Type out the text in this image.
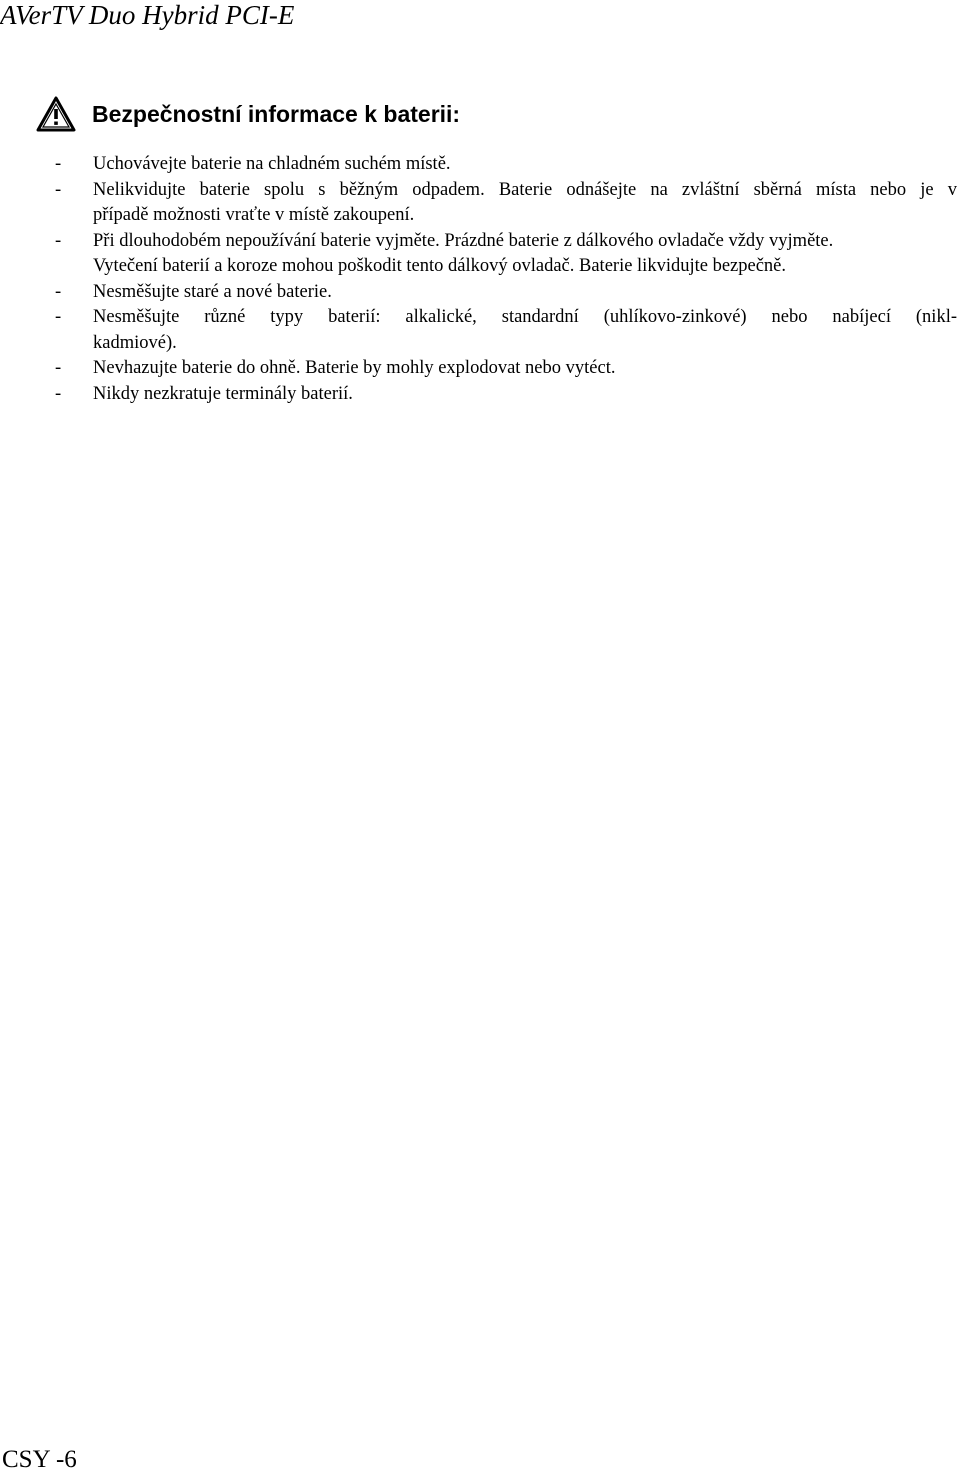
AVerTV Duo Hybrid PCI-E
Bezpečnostní informace k baterii:
-	Uchovávejte baterie na chladném suchém místě.
-	Nelikvidujte baterie spolu s běžným odpadem. Baterie odnášejte na zvláštní sběrná místa nebo je v
případě možnosti vraťte v místě zakoupení.
-	Při dlouhodobém nepoužívání baterie vyjměte. Prázdné baterie z dálkového ovladače vždy vyjměte.
Vytečení baterií a koroze mohou poškodit tento dálkový ovladač. Baterie likvidujte bezpečně.
-	Nesměšujte staré a nové baterie.
-	Nesměšujte různé typy baterií: alkalické, standardní (uhlíkovo-zinkové) nebo nabíjecí (nikl-
kadmiové).
-	Nevhazujte baterie do ohně. Baterie by mohly explodovat nebo vytéct.
-	Nikdy nezkratuje terminály baterií.
CSY -6
